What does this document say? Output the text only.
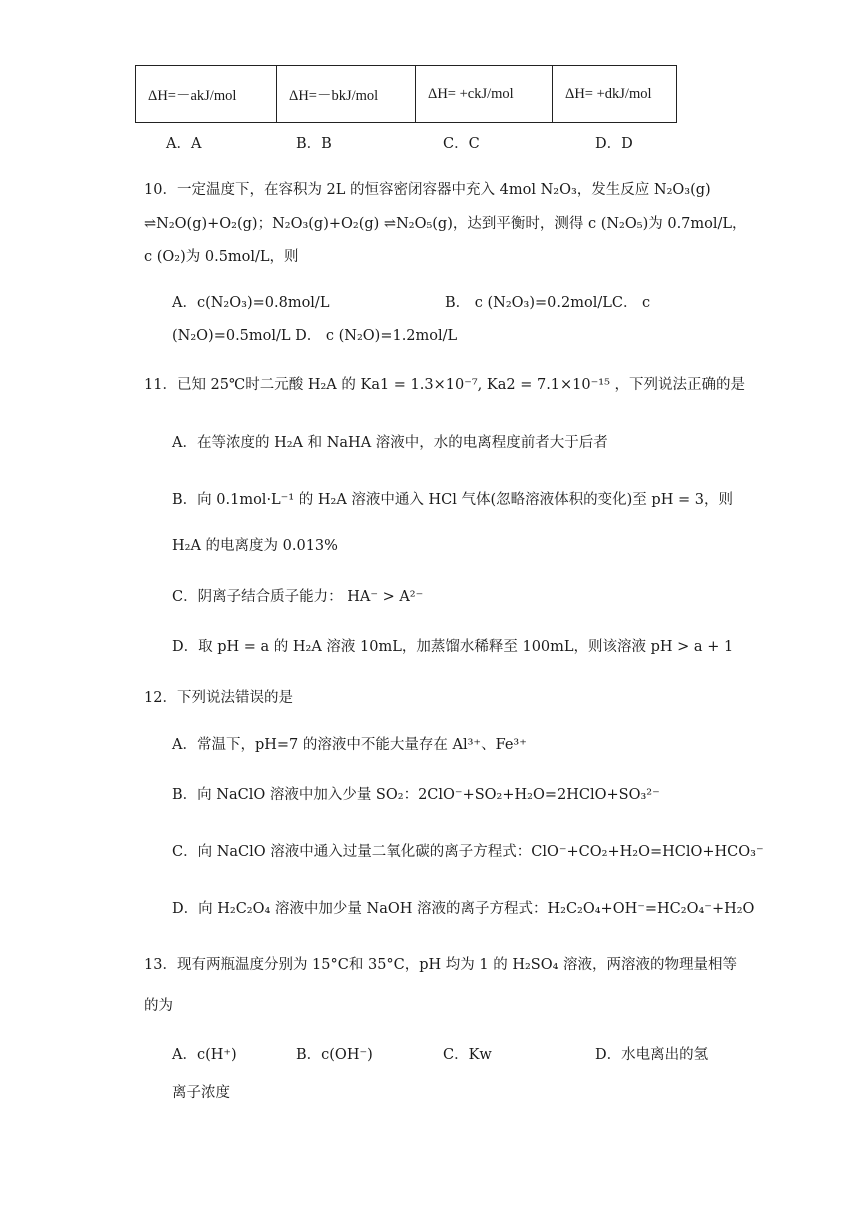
ΔH=－akJ/mol	ΔH=－bkJ/mol	ΔH= +ckJ/mol	ΔH= +dkJ/mol
A．A	B．B	C．C	D．D
10．一定温度下，在容积为 2L 的恒容密闭容器中充入 4mol N₂O₃，发生反应 N₂O₃(g)
⇌N₂O(g)+O₂(g)；N₂O₃(g)+O₂(g) ⇌N₂O₅(g)，达到平衡时，测得 c (N₂O₅)为 0.7mol/L，
c (O₂)为 0.5mol/L，则
A．c(N₂O₃)=0.8mol/L	B． c (N₂O₃)=0.2mol/LC． c
(N₂O)=0.5mol/L D． c (N₂O)=1.2mol/L
11．已知 25℃时二元酸 H₂A 的 Ka1 = 1.3×10⁻⁷, Ka2 = 7.1×10⁻¹⁵ ，下列说法正确的是
A．在等浓度的 H₂A 和 NaHA 溶液中，水的电离程度前者大于后者
B．向 0.1mol·L⁻¹ 的 H₂A 溶液中通入 HCl 气体(忽略溶液体积的变化)至 pH = 3，则
H₂A 的电离度为 0.013%
C．阴离子结合质子能力： HA⁻ > A²⁻
D．取 pH = a 的 H₂A 溶液 10mL，加蒸馏水稀释至 100mL，则该溶液 pH > a + 1
12．下列说法错误的是
A．常温下，pH=7 的溶液中不能大量存在 Al³⁺、Fe³⁺
B．向 NaClO 溶液中加入少量 SO₂：2ClO⁻+SO₂+H₂O=2HClO+SO₃²⁻
C．向 NaClO 溶液中通入过量二氧化碳的离子方程式：ClO⁻+CO₂+H₂O=HClO+HCO₃⁻
D．向 H₂C₂O₄ 溶液中加少量 NaOH 溶液的离子方程式：H₂C₂O₄+OH⁻=HC₂O₄⁻+H₂O
13．现有两瓶温度分别为 15°C和 35°C，pH 均为 1 的 H₂SO₄ 溶液，两溶液的物理量相等
的为
A．c(H⁺)	B．c(OH⁻)	C．Kw	D．水电离出的氢
离子浓度
